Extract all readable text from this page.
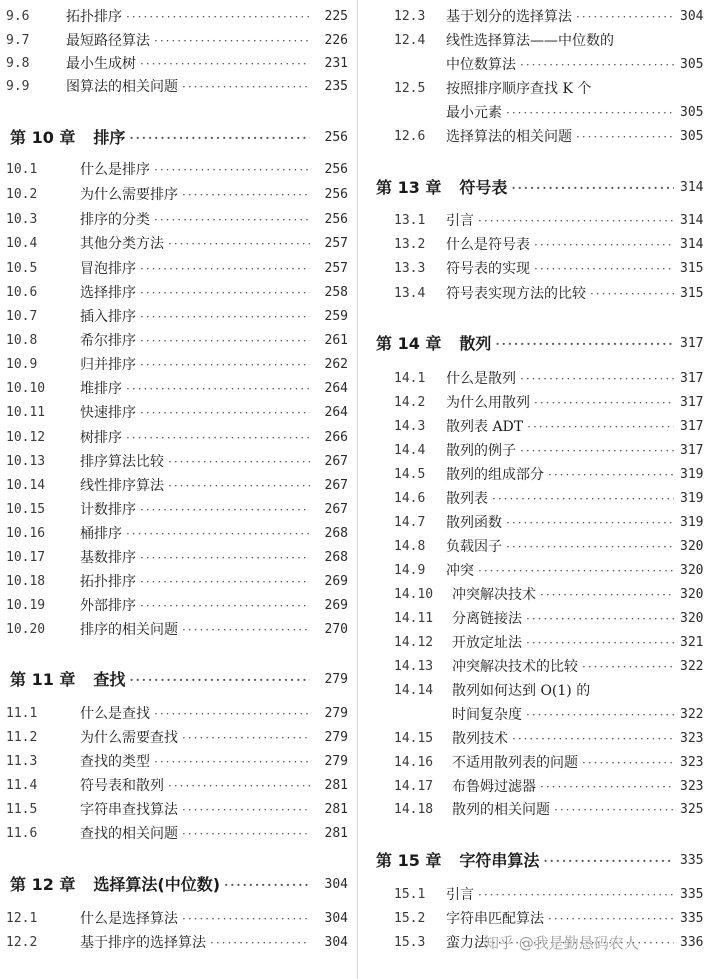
9.6	拓扑排序 ·····	225
9.7	最短路径算法 ·····	226
9.8	最小生成树 ·····	231
9.9	图算法的相关问题 ·····	235
第 10 章 排序 ·····	256
10.1	什么是排序 ·····	256
10.2	为什么需要排序 ·····	256
10.3	排序的分类 ·····	256
10.4	其他分类方法 ·····	257
10.5	冒泡排序 ·····	257
10.6	选择排序 ·····	258
10.7	插入排序 ·····	259
10.8	希尔排序 ·····	261
10.9	归并排序 ·····	262
10.10	堆排序 ·····	264
10.11	快速排序 ·····	264
10.12	树排序 ·····	266
10.13	排序算法比较 ·····	267
10.14	线性排序算法 ·····	267
10.15	计数排序 ·····	267
10.16	桶排序 ·····	268
10.17	基数排序 ·····	268
10.18	拓扑排序 ·····	269
10.19	外部排序 ·····	269
10.20	排序的相关问题 ·····	270
第 11 章 查找 ·····	279
11.1	什么是查找 ·····	279
11.2	为什么需要查找 ·····	279
11.3	查找的类型 ·····	279
11.4	符号表和散列 ·····	281
11.5	字符串查找算法 ·····	281
11.6	查找的相关问题 ·····	281
第 12 章 选择算法(中位数) ·····	304
12.1	什么是选择算法 ·····	304
12.2	基于排序的选择算法 ·····	304
12.3	基于划分的选择算法 ·····	304
12.4	线性选择算法——中位数的
中位数算法 ·····	305
12.5	按照排序顺序查找 K 个
最小元素 ·····	305
12.6	选择算法的相关问题 ·····	305
第 13 章 符号表 ·····	314
13.1	引言 ·····	314
13.2	什么是符号表 ·····	314
13.3	符号表的实现 ·····	315
13.4	符号表实现方法的比较 ·····	315
第 14 章 散列 ·····	317
14.1	什么是散列 ·····	317
14.2	为什么用散列 ·····	317
14.3	散列表 ADT ·····	317
14.4	散列的例子 ·····	317
14.5	散列的组成部分 ·····	319
14.6	散列表 ·····	319
14.7	散列函数 ·····	319
14.8	负载因子 ·····	320
14.9	冲突 ·····	320
14.10	冲突解决技术 ·····	320
14.11	分离链接法 ·····	320
14.12	开放定址法 ·····	321
14.13	冲突解决技术的比较 ·····	322
14.14	散列如何达到 O(1) 的
时间复杂度 ·····	322
14.15	散列技术 ·····	323
14.16	不适用散列表的问题 ·····	323
14.17	布鲁姆过滤器 ·····	323
14.18	散列的相关问题 ·····	325
第 15 章 字符串算法 ·····	335
15.1	引言 ·····	335
15.2	字符串匹配算法 ·····	335
15.3	蛮力法 ·····	336
知乎 @我是勤恳码农人
